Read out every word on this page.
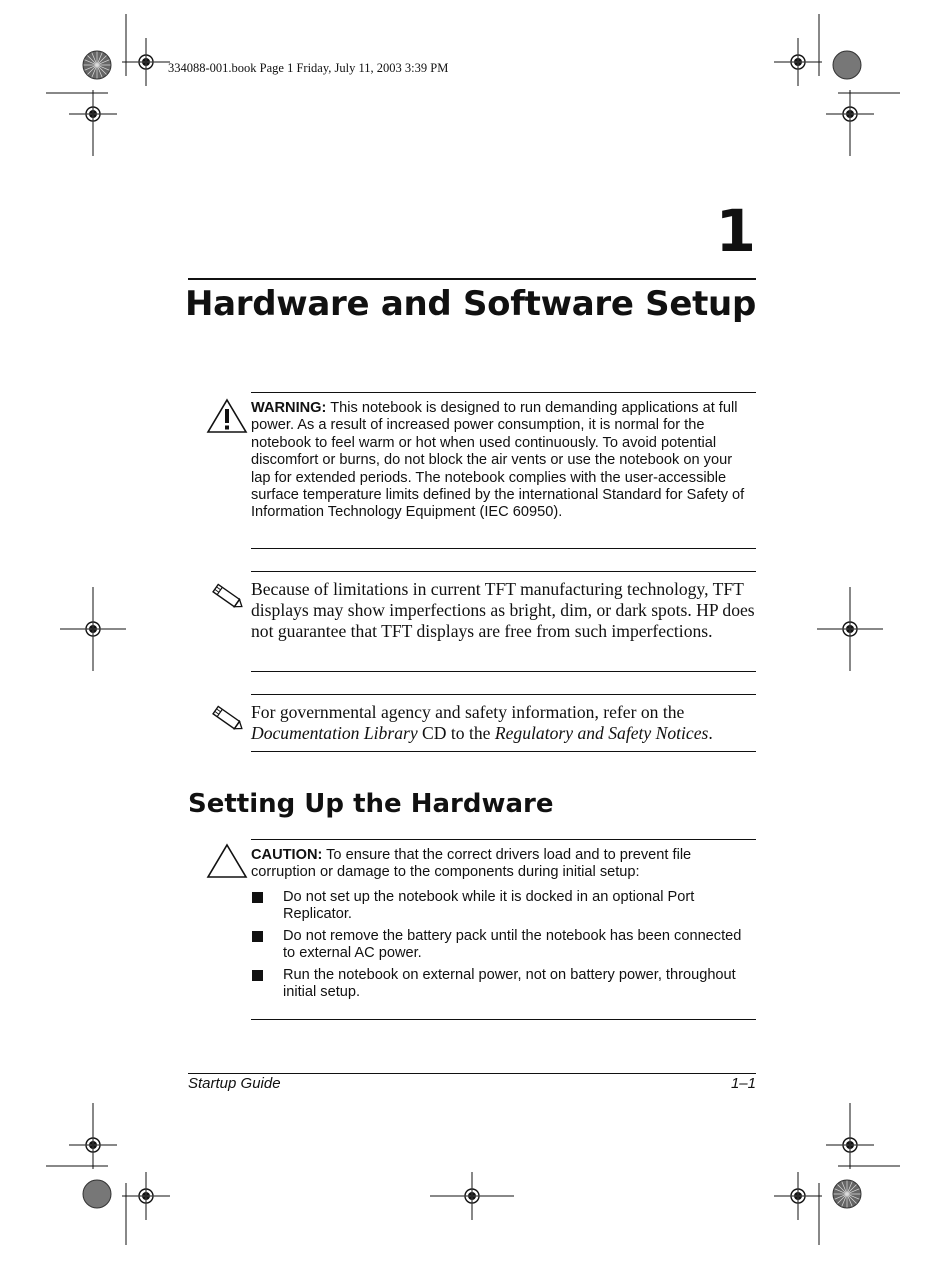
334088-001.book Page 1 Friday, July 11, 2003 3:39 PM
1
Hardware and Software Setup
WARNING: This notebook is designed to run demanding applications at full power. As a result of increased power consumption, it is normal for the notebook to feel warm or hot when used continuously. To avoid potential discomfort or burns, do not block the air vents or use the notebook on your lap for extended periods. The notebook complies with the user-accessible surface temperature limits defined by the international Standard for Safety of Information Technology Equipment (IEC 60950).
Because of limitations in current TFT manufacturing technology, TFT displays may show imperfections as bright, dim, or dark spots. HP does not guarantee that TFT displays are free from such imperfections.
For governmental agency and safety information, refer on the Documentation Library CD to the Regulatory and Safety Notices.
Setting Up the Hardware
CAUTION: To ensure that the correct drivers load and to prevent file corruption or damage to the components during initial setup:
Do not set up the notebook while it is docked in an optional Port Replicator.
Do not remove the battery pack until the notebook has been connected to external AC power.
Run the notebook on external power, not on battery power, throughout initial setup.
Startup Guide	1–1
